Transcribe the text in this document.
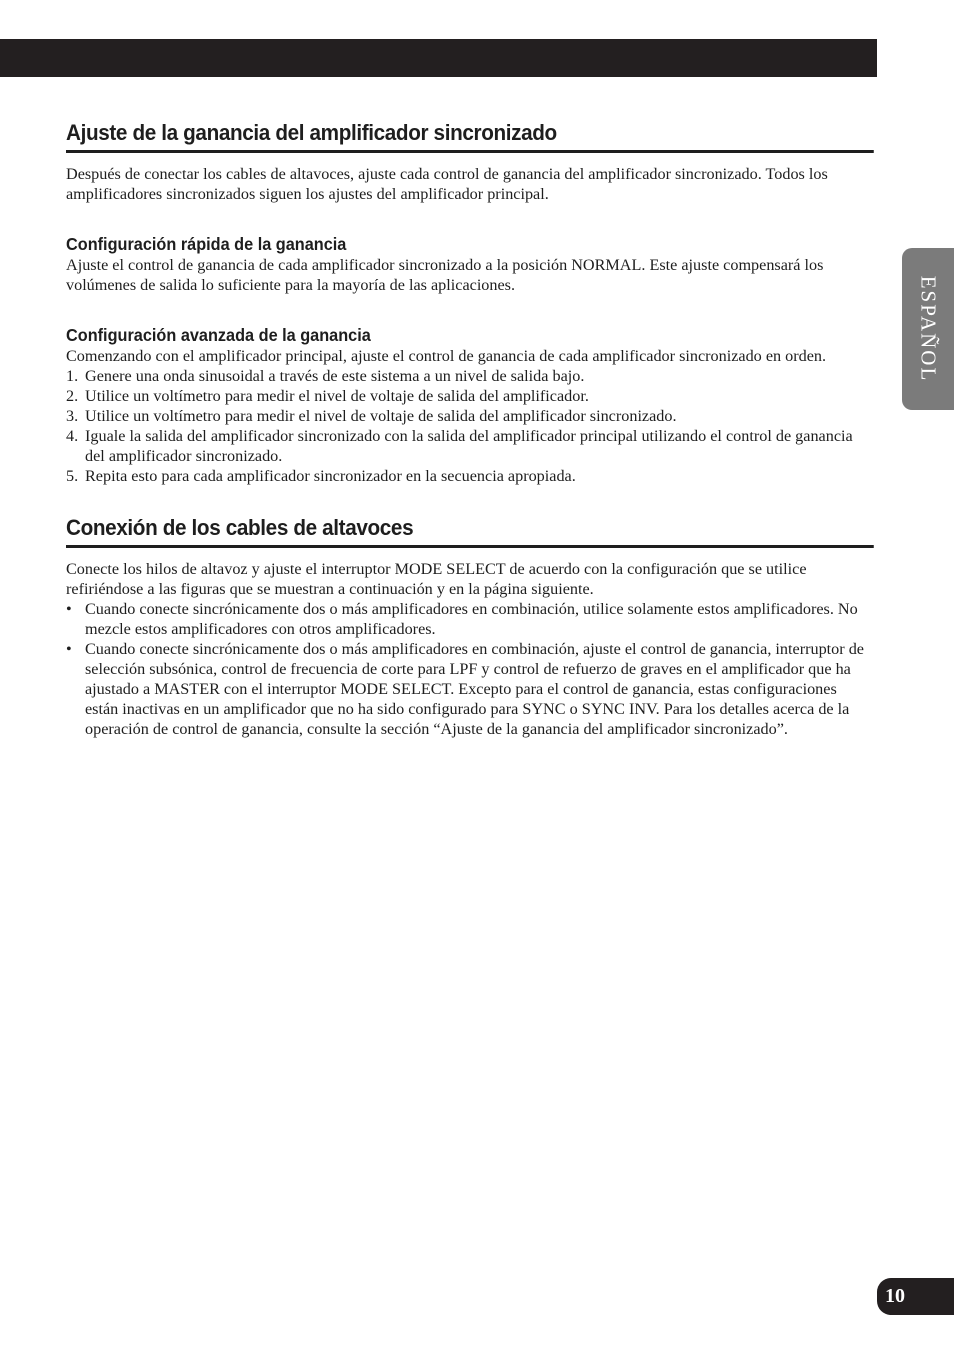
ESPAÑOL
Ajuste de la ganancia del amplificador sincronizado

Después de conectar los cables de altavoces, ajuste cada control de ganancia del amplificador sincronizado. Todos los amplificadores sincronizados siguen los ajustes del amplificador principal.

Configuración rápida de la ganancia

Ajuste el control de ganancia de cada amplificador sincronizado a la posición NORMAL. Este ajuste compensará los volúmenes de salida lo suficiente para la mayoría de las aplicaciones.

Configuración avanzada de la ganancia

Comenzando con el amplificador principal, ajuste el control de ganancia de cada amplificador sincronizado en orden.

1. Genere una onda sinusoidal a través de este sistema a un nivel de salida bajo.
2. Utilice un voltímetro para medir el nivel de voltaje de salida del amplificador.
3. Utilice un voltímetro para medir el nivel de voltaje de salida del amplificador sincronizado.
4. Iguale la salida del amplificador sincronizado con la salida del amplificador principal utilizando el control de ganancia del amplificador sincronizado.
5. Repita esto para cada amplificador sincronizador en la secuencia apropiada.
Conexión de los cables de altavoces

Conecte los hilos de altavoz y ajuste el interruptor MODE SELECT de acuerdo con la configuración que se utilice refiriéndose a las figuras que se muestran a continuación y en la página siguiente.

• Cuando conecte sincrónicamente dos o más amplificadores en combinación, utilice solamente estos amplificadores. No mezcle estos amplificadores con otros amplificadores.
• Cuando conecte sincrónicamente dos o más amplificadores en combinación, ajuste el control de ganancia, interruptor de selección subsónica, control de frecuencia de corte para LPF y control de refuerzo de graves en el amplificador que ha ajustado a MASTER con el interruptor MODE SELECT. Excepto para el control de ganancia, estas configuraciones están inactivas en un amplificador que no ha sido configurado para SYNC o SYNC INV. Para los detalles acerca de la operación de control de ganancia, consulte la sección “Ajuste de la ganancia del amplificador sincronizado”.
10
